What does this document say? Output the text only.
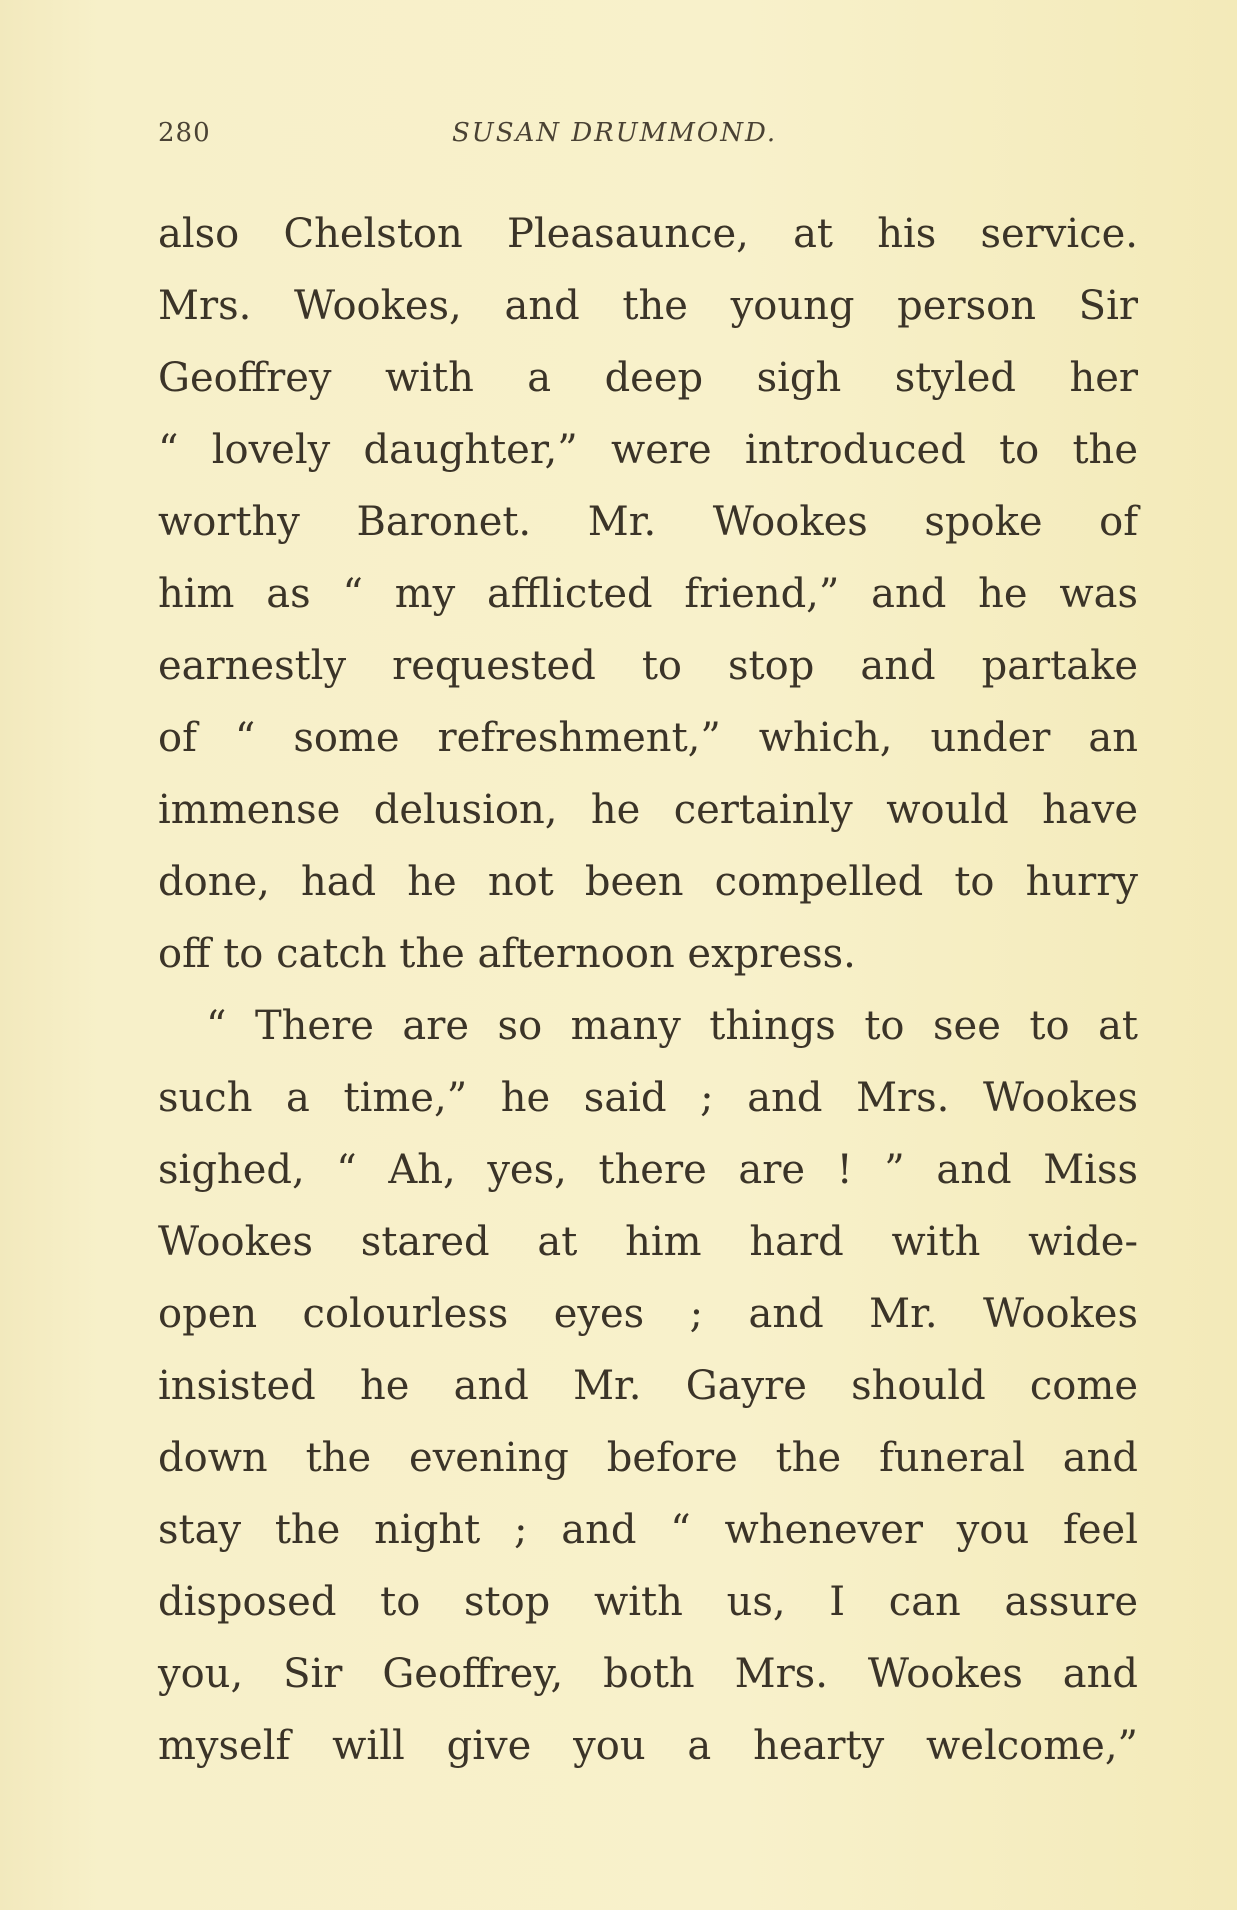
280	SUSAN DRUMMOND.
also Chelston Pleasaunce, at his service.
Mrs. Wookes, and the young person Sir
Geoffrey with a deep sigh styled her
“ lovely daughter,” were introduced to the
worthy Baronet. Mr. Wookes spoke of
him as “ my afflicted friend,” and he was
earnestly requested to stop and partake
of “ some refreshment,” which, under an
immense delusion, he certainly would have
done, had he not been compelled to hurry
off to catch the afternoon express.
“ There are so many things to see to at
such a time,” he said ; and Mrs. Wookes
sighed, “ Ah, yes, there are ! ” and Miss
Wookes stared at him hard with wide-
open colourless eyes ; and Mr. Wookes
insisted he and Mr. Gayre should come
down the evening before the funeral and
stay the night ; and “ whenever you feel
disposed to stop with us, I can assure
you, Sir Geoffrey, both Mrs. Wookes and
myself will give you a hearty welcome,”
